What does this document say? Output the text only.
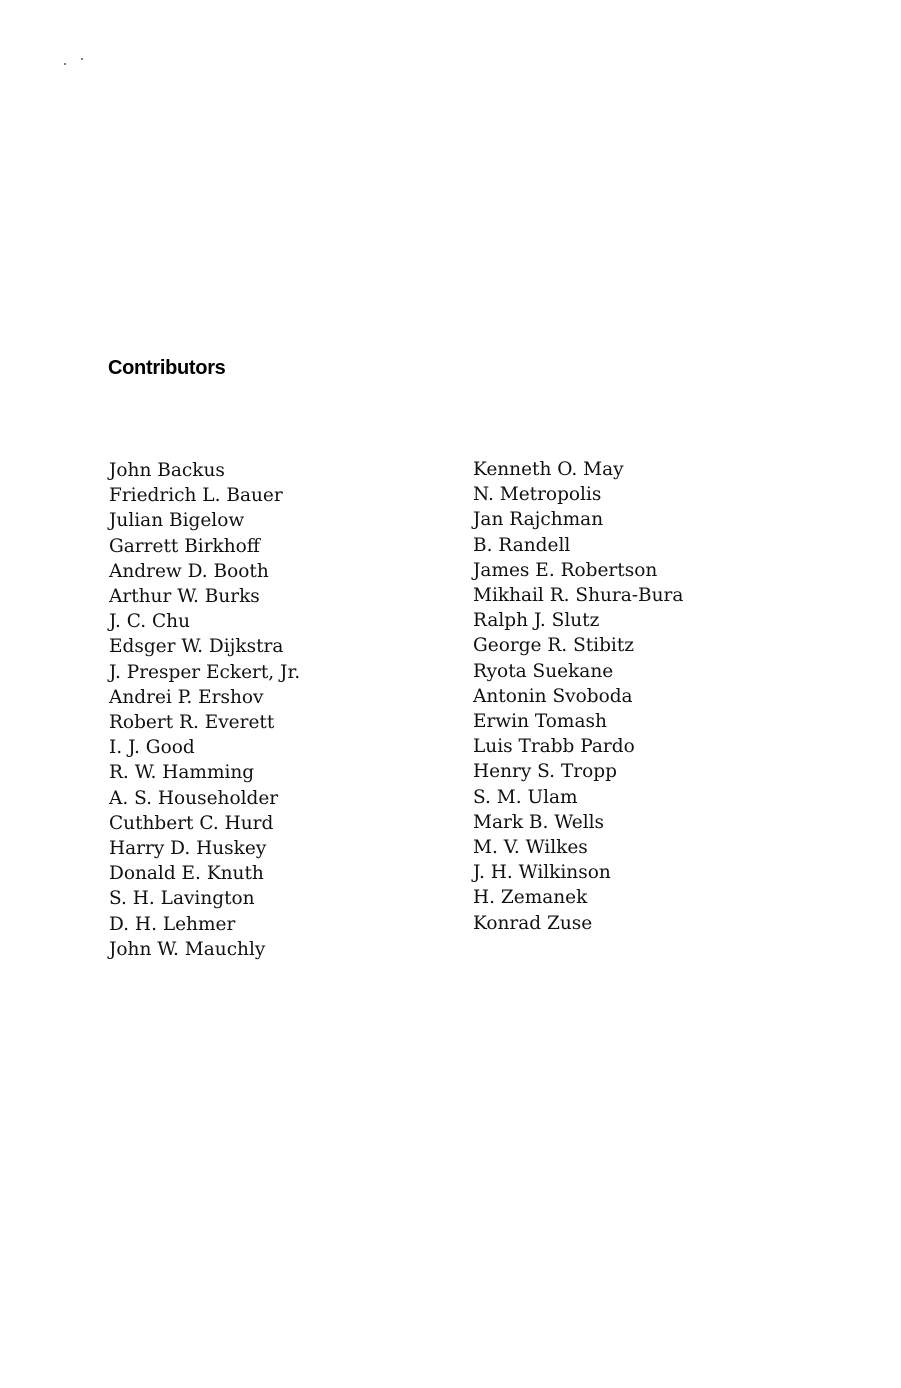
Contributors
John Backus
Friedrich L. Bauer
Julian Bigelow
Garrett Birkhoff
Andrew D. Booth
Arthur W. Burks
J. C. Chu
Edsger W. Dijkstra
J. Presper Eckert, Jr.
Andrei P. Ershov
Robert R. Everett
I. J. Good
R. W. Hamming
A. S. Householder
Cuthbert C. Hurd
Harry D. Huskey
Donald E. Knuth
S. H. Lavington
D. H. Lehmer
John W. Mauchly
Kenneth O. May
N. Metropolis
Jan Rajchman
B. Randell
James E. Robertson
Mikhail R. Shura-Bura
Ralph J. Slutz
George R. Stibitz
Ryota Suekane
Antonin Svoboda
Erwin Tomash
Luis Trabb Pardo
Henry S. Tropp
S. M. Ulam
Mark B. Wells
M. V. Wilkes
J. H. Wilkinson
H. Zemanek
Konrad Zuse
